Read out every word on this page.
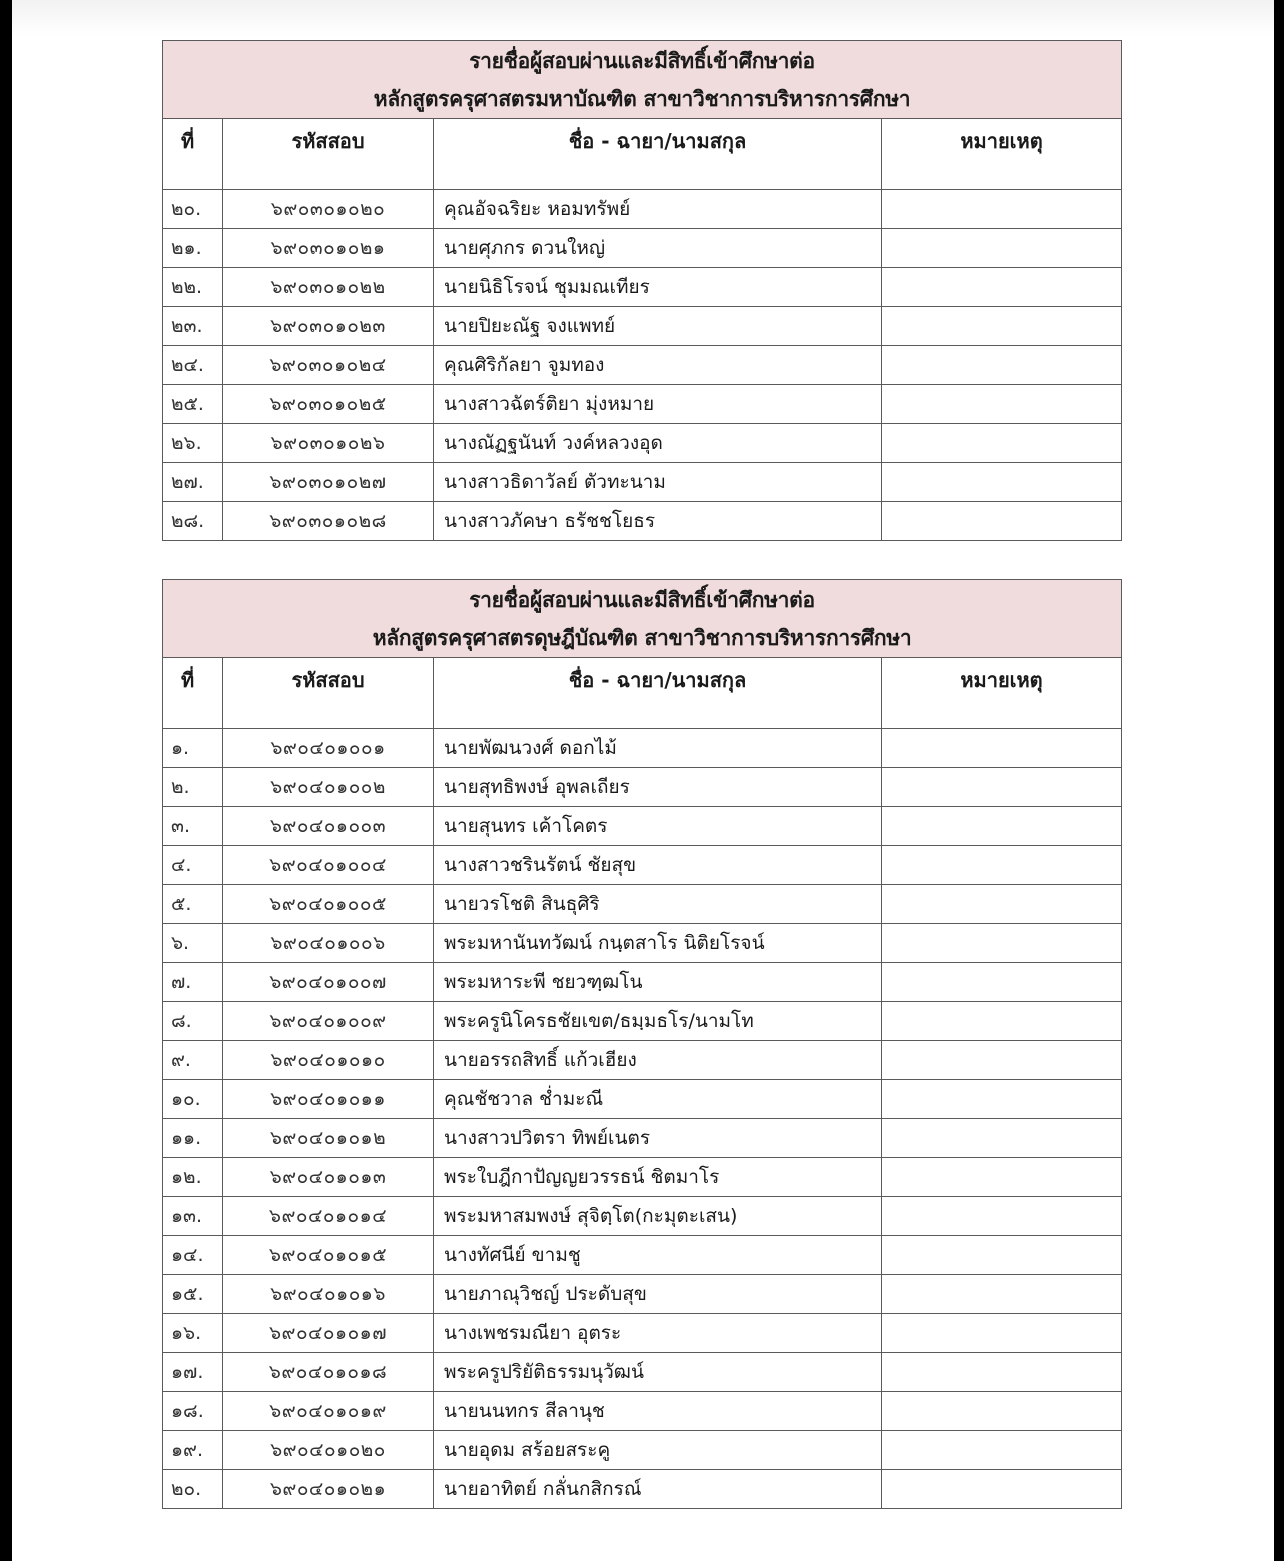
รายชื่อผู้สอบผ่านและมีสิทธิ์เข้าศึกษาต่อ
หลักสูตรครุศาสตรมหาบัณฑิต สาขาวิชาการบริหารการศึกษา			

ที่	รหัสสอบ	ชื่อ - ฉายา/นามสกุล	หมายเหตุ
๒๐.	๖๙๐๓๐๑๐๒๐	คุณอัจฉริยะ หอมทรัพย์	
๒๑.	๖๙๐๓๐๑๐๒๑	นายศุภกร ดวนใหญ่	
๒๒.	๖๙๐๓๐๑๐๒๒	นายนิธิโรจน์ ชุมมณเทียร	
๒๓.	๖๙๐๓๐๑๐๒๓	นายปิยะณัฐ จงแพทย์	
๒๔.	๖๙๐๓๐๑๐๒๔	คุณศิริกัลยา จูมทอง	
๒๕.	๖๙๐๓๐๑๐๒๕	นางสาวฉัตร์ติยา มุ่งหมาย	
๒๖.	๖๙๐๓๐๑๐๒๖	นางณัฏฐนันท์ วงค์หลวงอุด	
๒๗.	๖๙๐๓๐๑๐๒๗	นางสาวธิดาวัลย์ ตัวทะนาม	
๒๘.	๖๙๐๓๐๑๐๒๘	นางสาวภัคษา ธรัชชโยธร	
รายชื่อผู้สอบผ่านและมีสิทธิ์เข้าศึกษาต่อ
หลักสูตรครุศาสตรดุษฎีบัณฑิต สาขาวิชาการบริหารการศึกษา			

ที่	รหัสสอบ	ชื่อ - ฉายา/นามสกุล	หมายเหตุ
๑.	๖๙๐๔๐๑๐๐๑	นายพัฒนวงศ์ ดอกไม้	
๒.	๖๙๐๔๐๑๐๐๒	นายสุทธิพงษ์ อุพลเถียร	
๓.	๖๙๐๔๐๑๐๐๓	นายสุนทร เค้าโคตร	
๔.	๖๙๐๔๐๑๐๐๔	นางสาวชรินรัตน์ ชัยสุข	
๕.	๖๙๐๔๐๑๐๐๕	นายวรโชติ สินธุศิริ	
๖.	๖๙๐๔๐๑๐๐๖	พระมหานันทวัฒน์ กนฺตสาโร นิติยโรจน์	
๗.	๖๙๐๔๐๑๐๐๗	พระมหาระพี ชยวฑฺฒโน	
๘.	๖๙๐๔๐๑๐๐๙	พระครูนิโครธชัยเขต/ธมฺมธโร/นามโท	
๙.	๖๙๐๔๐๑๐๑๐	นายอรรถสิทธิ์ แก้วเฮียง	
๑๐.	๖๙๐๔๐๑๐๑๑	คุณชัชวาล ช่ำมะณี	
๑๑.	๖๙๐๔๐๑๐๑๒	นางสาวปวิตรา ทิพย์เนตร	
๑๒.	๖๙๐๔๐๑๐๑๓	พระใบฎีกาปัญญยวรรธน์ ชิตมาโร	
๑๓.	๖๙๐๔๐๑๐๑๔	พระมหาสมพงษ์ สุจิตฺโต(กะมุตะเสน)	
๑๔.	๖๙๐๔๐๑๐๑๕	นางทัศนีย์ ขามชู	
๑๕.	๖๙๐๔๐๑๐๑๖	นายภาณุวิชญ์ ประดับสุข	
๑๖.	๖๙๐๔๐๑๐๑๗	นางเพชรมณียา อุตระ	
๑๗.	๖๙๐๔๐๑๐๑๘	พระครูปริยัติธรรมนุวัฒน์	
๑๘.	๖๙๐๔๐๑๐๑๙	นายนนทกร สีลานุช	
๑๙.	๖๙๐๔๐๑๐๒๐	นายอุดม สร้อยสระคู	
๒๐.	๖๙๐๔๐๑๐๒๑	นายอาทิตย์ กลั่นกสิกรณ์	
